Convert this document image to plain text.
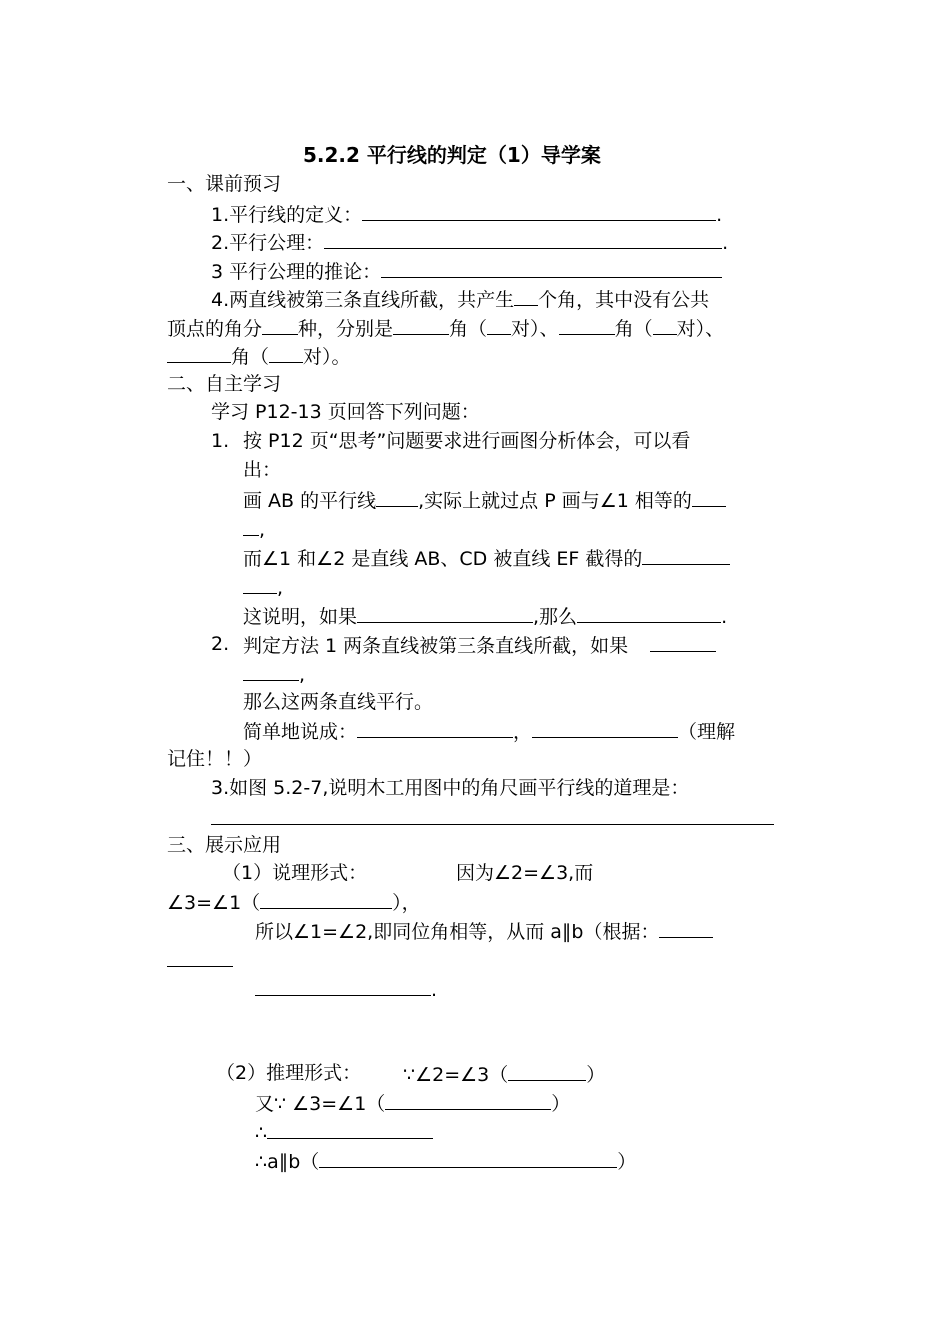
5.2.2 平行线的判定（1）导学案
一、课前预习
1.平行线的定义：	.
2.平行公理：	.
3 平行公理的推论：
4.两直线被第三条直线所截，共产生 个角，其中没有公共
顶点的角分 种，分别是	角（ 对）、	角（ 对）、
角（ 对）。
二、自主学习
学习 P12-13 页回答下列问题：
1. 按 P12 页“思考”问题要求进行画图分析体会，可以看
出：
画 AB 的平行线 ,实际上就过点 P 画与∠1 相等的
,
而∠1 和∠2 是直线 AB、CD 被直线 EF 截得的
,
这说明，如果	,那么	.
2. 判定方法 1 两条直线被第三条直线所截，如果
,
那么这两条直线平行。
简单地说成：	，	（理解
记住！！）
3.如图 5.2-7,说明木工用图中的角尺画平行线的道理是：
三、展示应用
（1）说理形式：	因为∠2=∠3,而
∠3=∠1（	），
所以∠1=∠2,即同位角相等，从而 a∥b（根据：
.
（2）推理形式： ∵∠2=∠3（	）
又∵ ∠3=∠1（	）
∴
∴a∥b（	）
